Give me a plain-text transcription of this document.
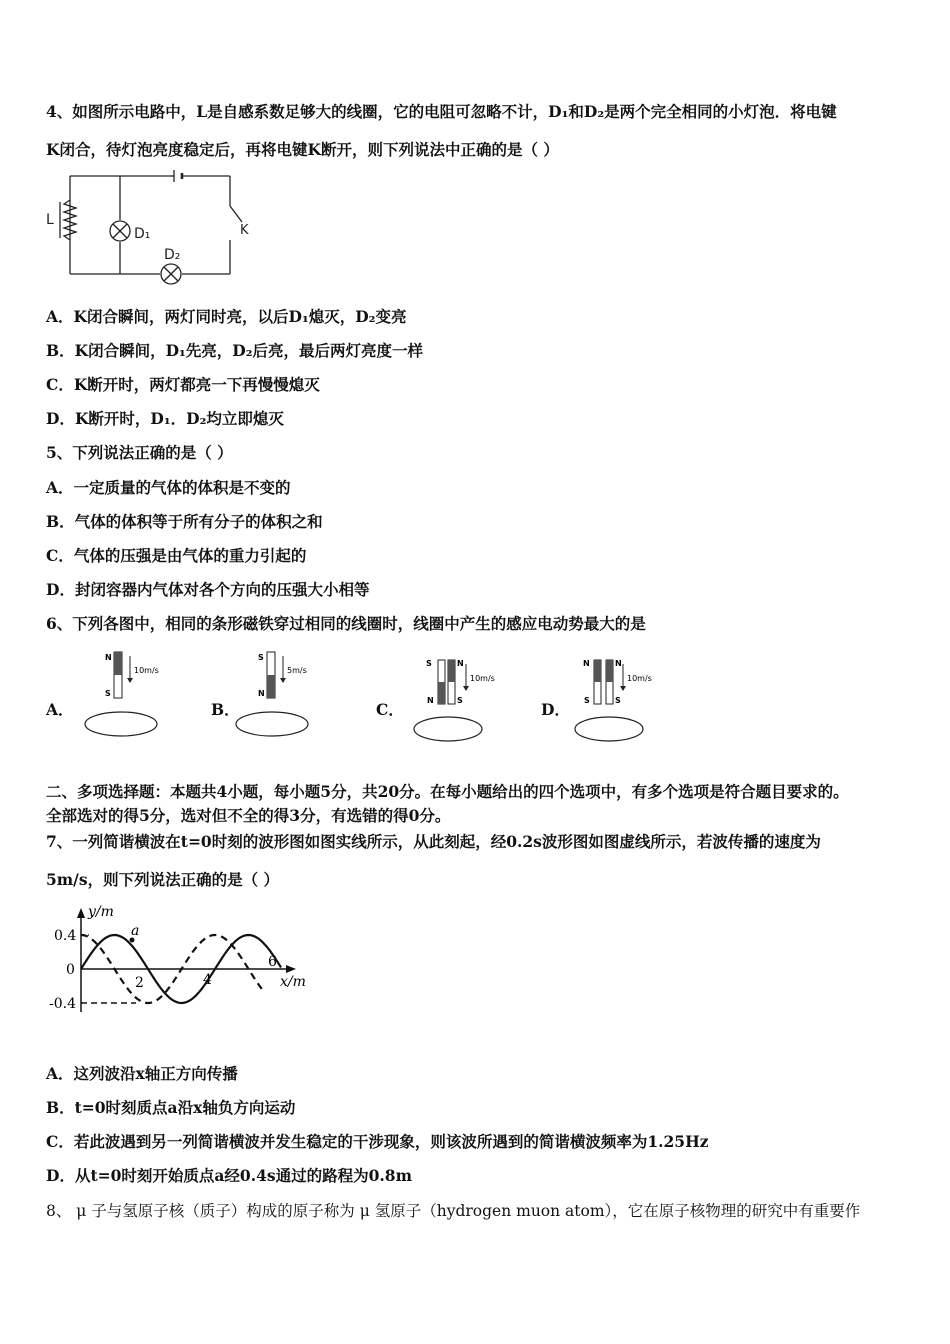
4、如图所示电路中，L是自感系数足够大的线圈，它的电阻可忽略不计，D₁和D₂是两个完全相同的小灯泡．将电键
K闭合，待灯泡亮度稳定后，再将电键K断开，则下列说法中正确的是（ ）
L
D₁
D₂
K
A．K闭合瞬间，两灯同时亮，以后D₁熄灭，D₂变亮
B．K闭合瞬间，D₁先亮，D₂后亮，最后两灯亮度一样
C．K断开时，两灯都亮一下再慢慢熄灭
D．K断开时，D₁．D₂均立即熄灭
5、下列说法正确的是（ ）
A．一定质量的气体的体积是不变的
B．气体的体积等于所有分子的体积之和
C．气体的压强是由气体的重力引起的
D．封闭容器内气体对各个方向的压强大小相等
6、下列各图中，相同的条形磁铁穿过相同的线圈时，线圈中产生的感应电动势最大的是
A．
N
S
10m/s
B．
S
N
5m/s
C．
S
N
N
S
10m/s
D．
N
S
N
S
10m/s
二、多项选择题：本题共4小题，每小题5分，共20分。在每小题给出的四个选项中，有多个选项是符合题目要求的。
全部选对的得5分，选对但不全的得3分，有选错的得0分。
7、一列简谐横波在t=0时刻的波形图如图实线所示，从此刻起，经0.2s波形图如图虚线所示，若波传播的速度为
5m/s，则下列说法正确的是（ ）
y/m
x/m
0.4
0
-0.4
2	4
6
a
A．这列波沿x轴正方向传播
B．t=0时刻质点a沿x轴负方向运动
C．若此波遇到另一列简谐横波并发生稳定的干涉现象，则该波所遇到的简谐横波频率为1.25Hz
D．从t=0时刻开始质点a经0.4s通过的路程为0.8m
8、 μ 子与氢原子核（质子）构成的原子称为 μ 氢原子（hydrogen muon atom），它在原子核物理的研究中有重要作
